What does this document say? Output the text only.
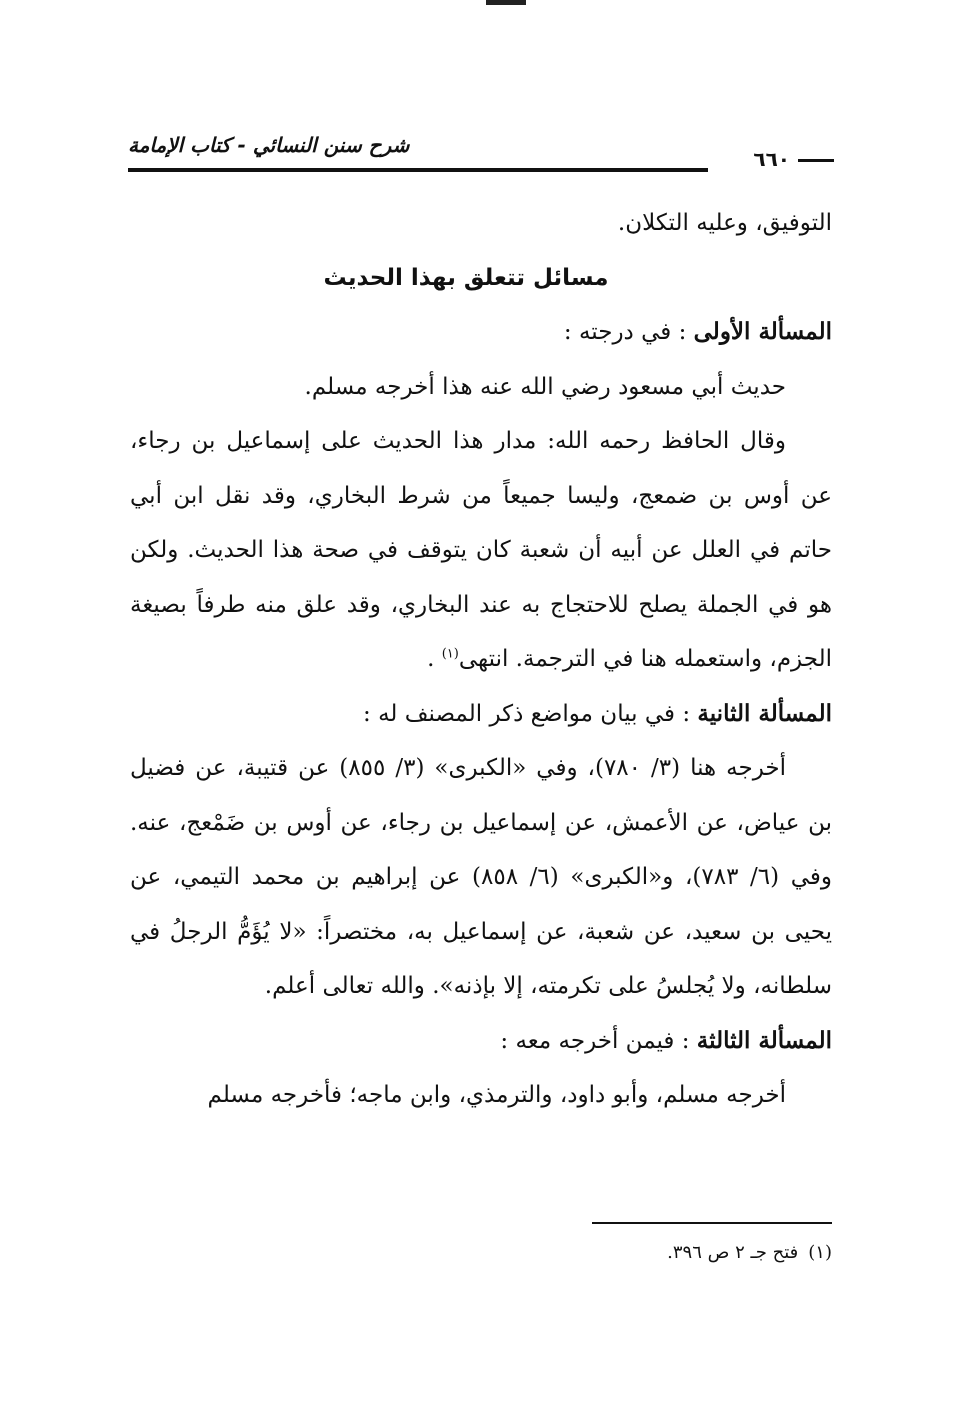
شرح سنن النسائي - كتاب الإمامة
٦٦٠

التوفيق، وعليه التكلان.

مسائل تتعلق بهذا الحديث

المسألة الأولى : في درجته :

حديث أبي مسعود رضي الله عنه هذا أخرجه مسلم.

وقال الحافظ رحمه الله: مدار هذا الحديث على إسماعيل بن رجاء، عن أوس بن ضمعج، وليسا جميعاً من شرط البخاري، وقد نقل ابن أبي حاتم في العلل عن أبيه أن شعبة كان يتوقف في صحة هذا الحديث. ولكن هو في الجملة يصلح للاحتجاج به عند البخاري، وقد علق منه طرفاً بصيغة الجزم، واستعمله هنا في الترجمة. انتهى$^{(١)}$ .

المسألة الثانية : في بيان مواضع ذكر المصنف له :

أخرجه هنا (٣/ ٧٨٠)، وفي «الكبرى» (٣/ ٨٥٥) عن قتيبة، عن فضيل بن عياض، عن الأعمش، عن إسماعيل بن رجاء، عن أوس بن ضَمْعج، عنه. وفي (٦/ ٧٨٣)، و«الكبرى» (٦/ ٨٥٨) عن إبراهيم بن محمد التيمي، عن يحيى بن سعيد، عن شعبة، عن إسماعيل به، مختصراً: «لا يُؤَمُّ الرجلُ في سلطانه، ولا يُجلسُ على تكرمته، إلا بإذنه». والله تعالى أعلم.

المسألة الثالثة : فيمن أخرجه معه :

أخرجه مسلم، وأبو داود، والترمذي، وابن ماجه؛ فأخرجه مسلم

(١)فتح جـ ٢ ص ٣٩٦.
